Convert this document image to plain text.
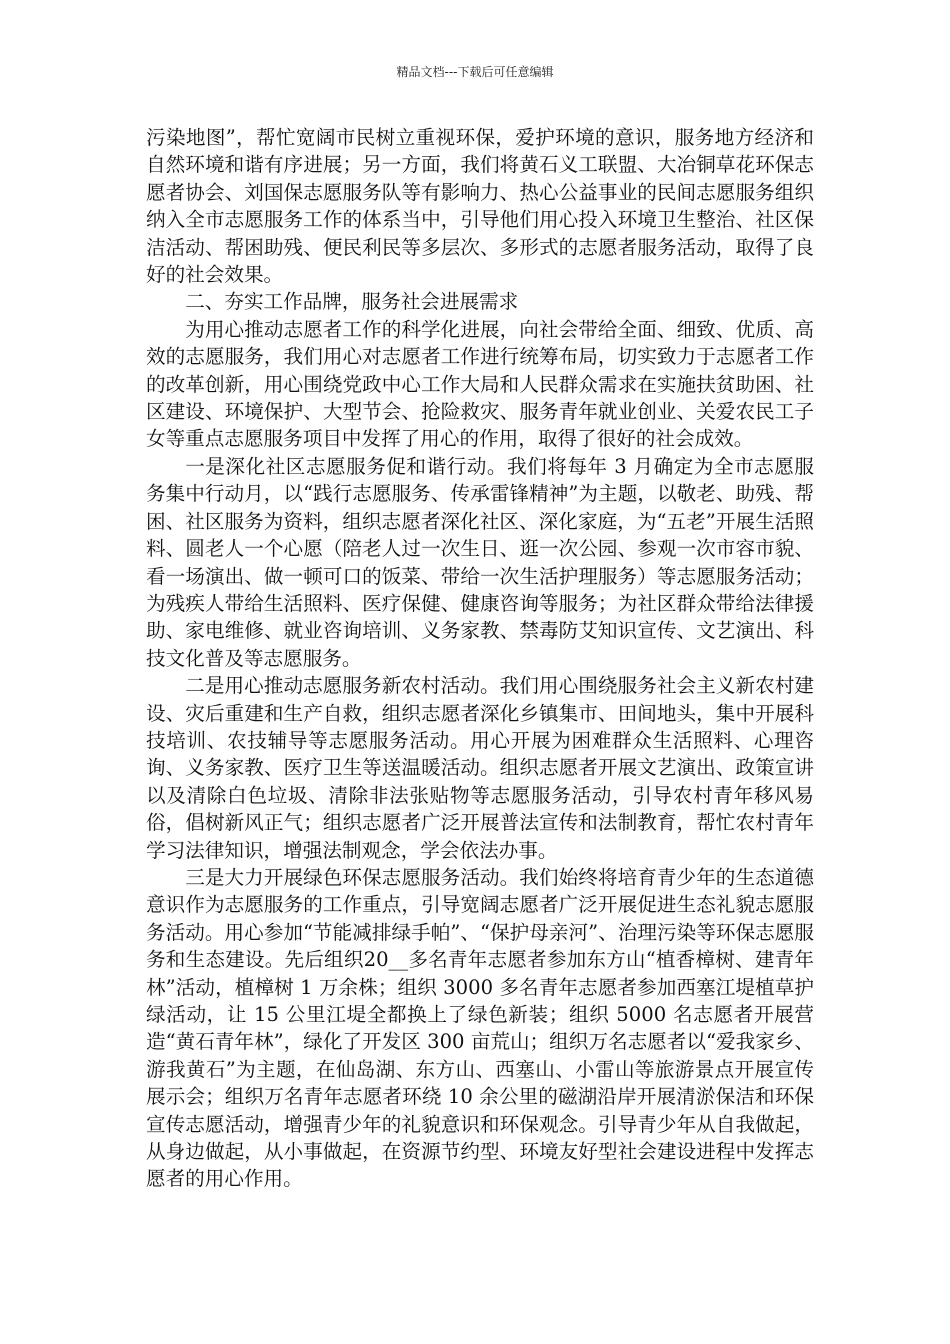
精品文档---下载后可任意编辑

污染地图”，帮忙宽阔市民树立重视环保，爱护环境的意识，服务地方经济和自然环境和谐有序进展；另一方面，我们将黄石义工联盟、大冶铜草花环保志愿者协会、刘国保志愿服务队等有影响力、热心公益事业的民间志愿服务组织纳入全市志愿服务工作的体系当中，引导他们用心投入环境卫生整治、社区保洁活动、帮困助残、便民利民等多层次、多形式的志愿者服务活动，取得了良好的社会效果。

二、夯实工作品牌，服务社会进展需求

为用心推动志愿者工作的科学化进展，向社会带给全面、细致、优质、高效的志愿服务，我们用心对志愿者工作进行统筹布局，切实致力于志愿者工作的改革创新，用心围绕党政中心工作大局和人民群众需求在实施扶贫助困、社区建设、环境保护、大型节会、抢险救灾、服务青年就业创业、关爱农民工子女等重点志愿服务项目中发挥了用心的作用，取得了很好的社会成效。

一是深化社区志愿服务促和谐行动。我们将每年 3 月确定为全市志愿服务集中行动月，以“践行志愿服务、传承雷锋精神”为主题，以敬老、助残、帮困、社区服务为资料，组织志愿者深化社区、深化家庭，为“五老”开展生活照料、圆老人一个心愿（陪老人过一次生日、逛一次公园、参观一次市容市貌、看一场演出、做一顿可口的饭菜、带给一次生活护理服务）等志愿服务活动；为残疾人带给生活照料、医疗保健、健康咨询等服务；为社区群众带给法律援助、家电维修、就业咨询培训、义务家教、禁毒防艾知识宣传、文艺演出、科技文化普及等志愿服务。

二是用心推动志愿服务新农村活动。我们用心围绕服务社会主义新农村建设、灾后重建和生产自救，组织志愿者深化乡镇集市、田间地头，集中开展科技培训、农技辅导等志愿服务活动。用心开展为困难群众生活照料、心理咨询、义务家教、医疗卫生等送温暖活动。组织志愿者开展文艺演出、政策宣讲以及清除白色垃圾、清除非法张贴物等志愿服务活动，引导农村青年移风易俗，倡树新风正气；组织志愿者广泛开展普法宣传和法制教育，帮忙农村青年学习法律知识，增强法制观念，学会依法办事。

三是大力开展绿色环保志愿服务活动。我们始终将培育青少年的生态道德意识作为志愿服务的工作重点，引导宽阔志愿者广泛开展促进生态礼貌志愿服务活动。用心参加“节能减排绿手帕”、“保护母亲河”、治理污染等环保志愿服务和生态建设。先后组织20__多名青年志愿者参加东方山“植香樟树、建青年林”活动，植樟树 1 万余株；组织 3000 多名青年志愿者参加西塞江堤植草护绿活动，让 15 公里江堤全都换上了绿色新装；组织 5000 名志愿者开展营造“黄石青年林”，绿化了开发区 300 亩荒山；组织万名志愿者以“爱我家乡、游我黄石”为主题，在仙岛湖、东方山、西塞山、小雷山等旅游景点开展宣传展示会；组织万名青年志愿者环绕 10 余公里的磁湖沿岸开展清淤保洁和环保宣传志愿活动，增强青少年的礼貌意识和环保观念。引导青少年从自我做起，从身边做起，从小事做起，在资源节约型、环境友好型社会建设进程中发挥志愿者的用心作用。
